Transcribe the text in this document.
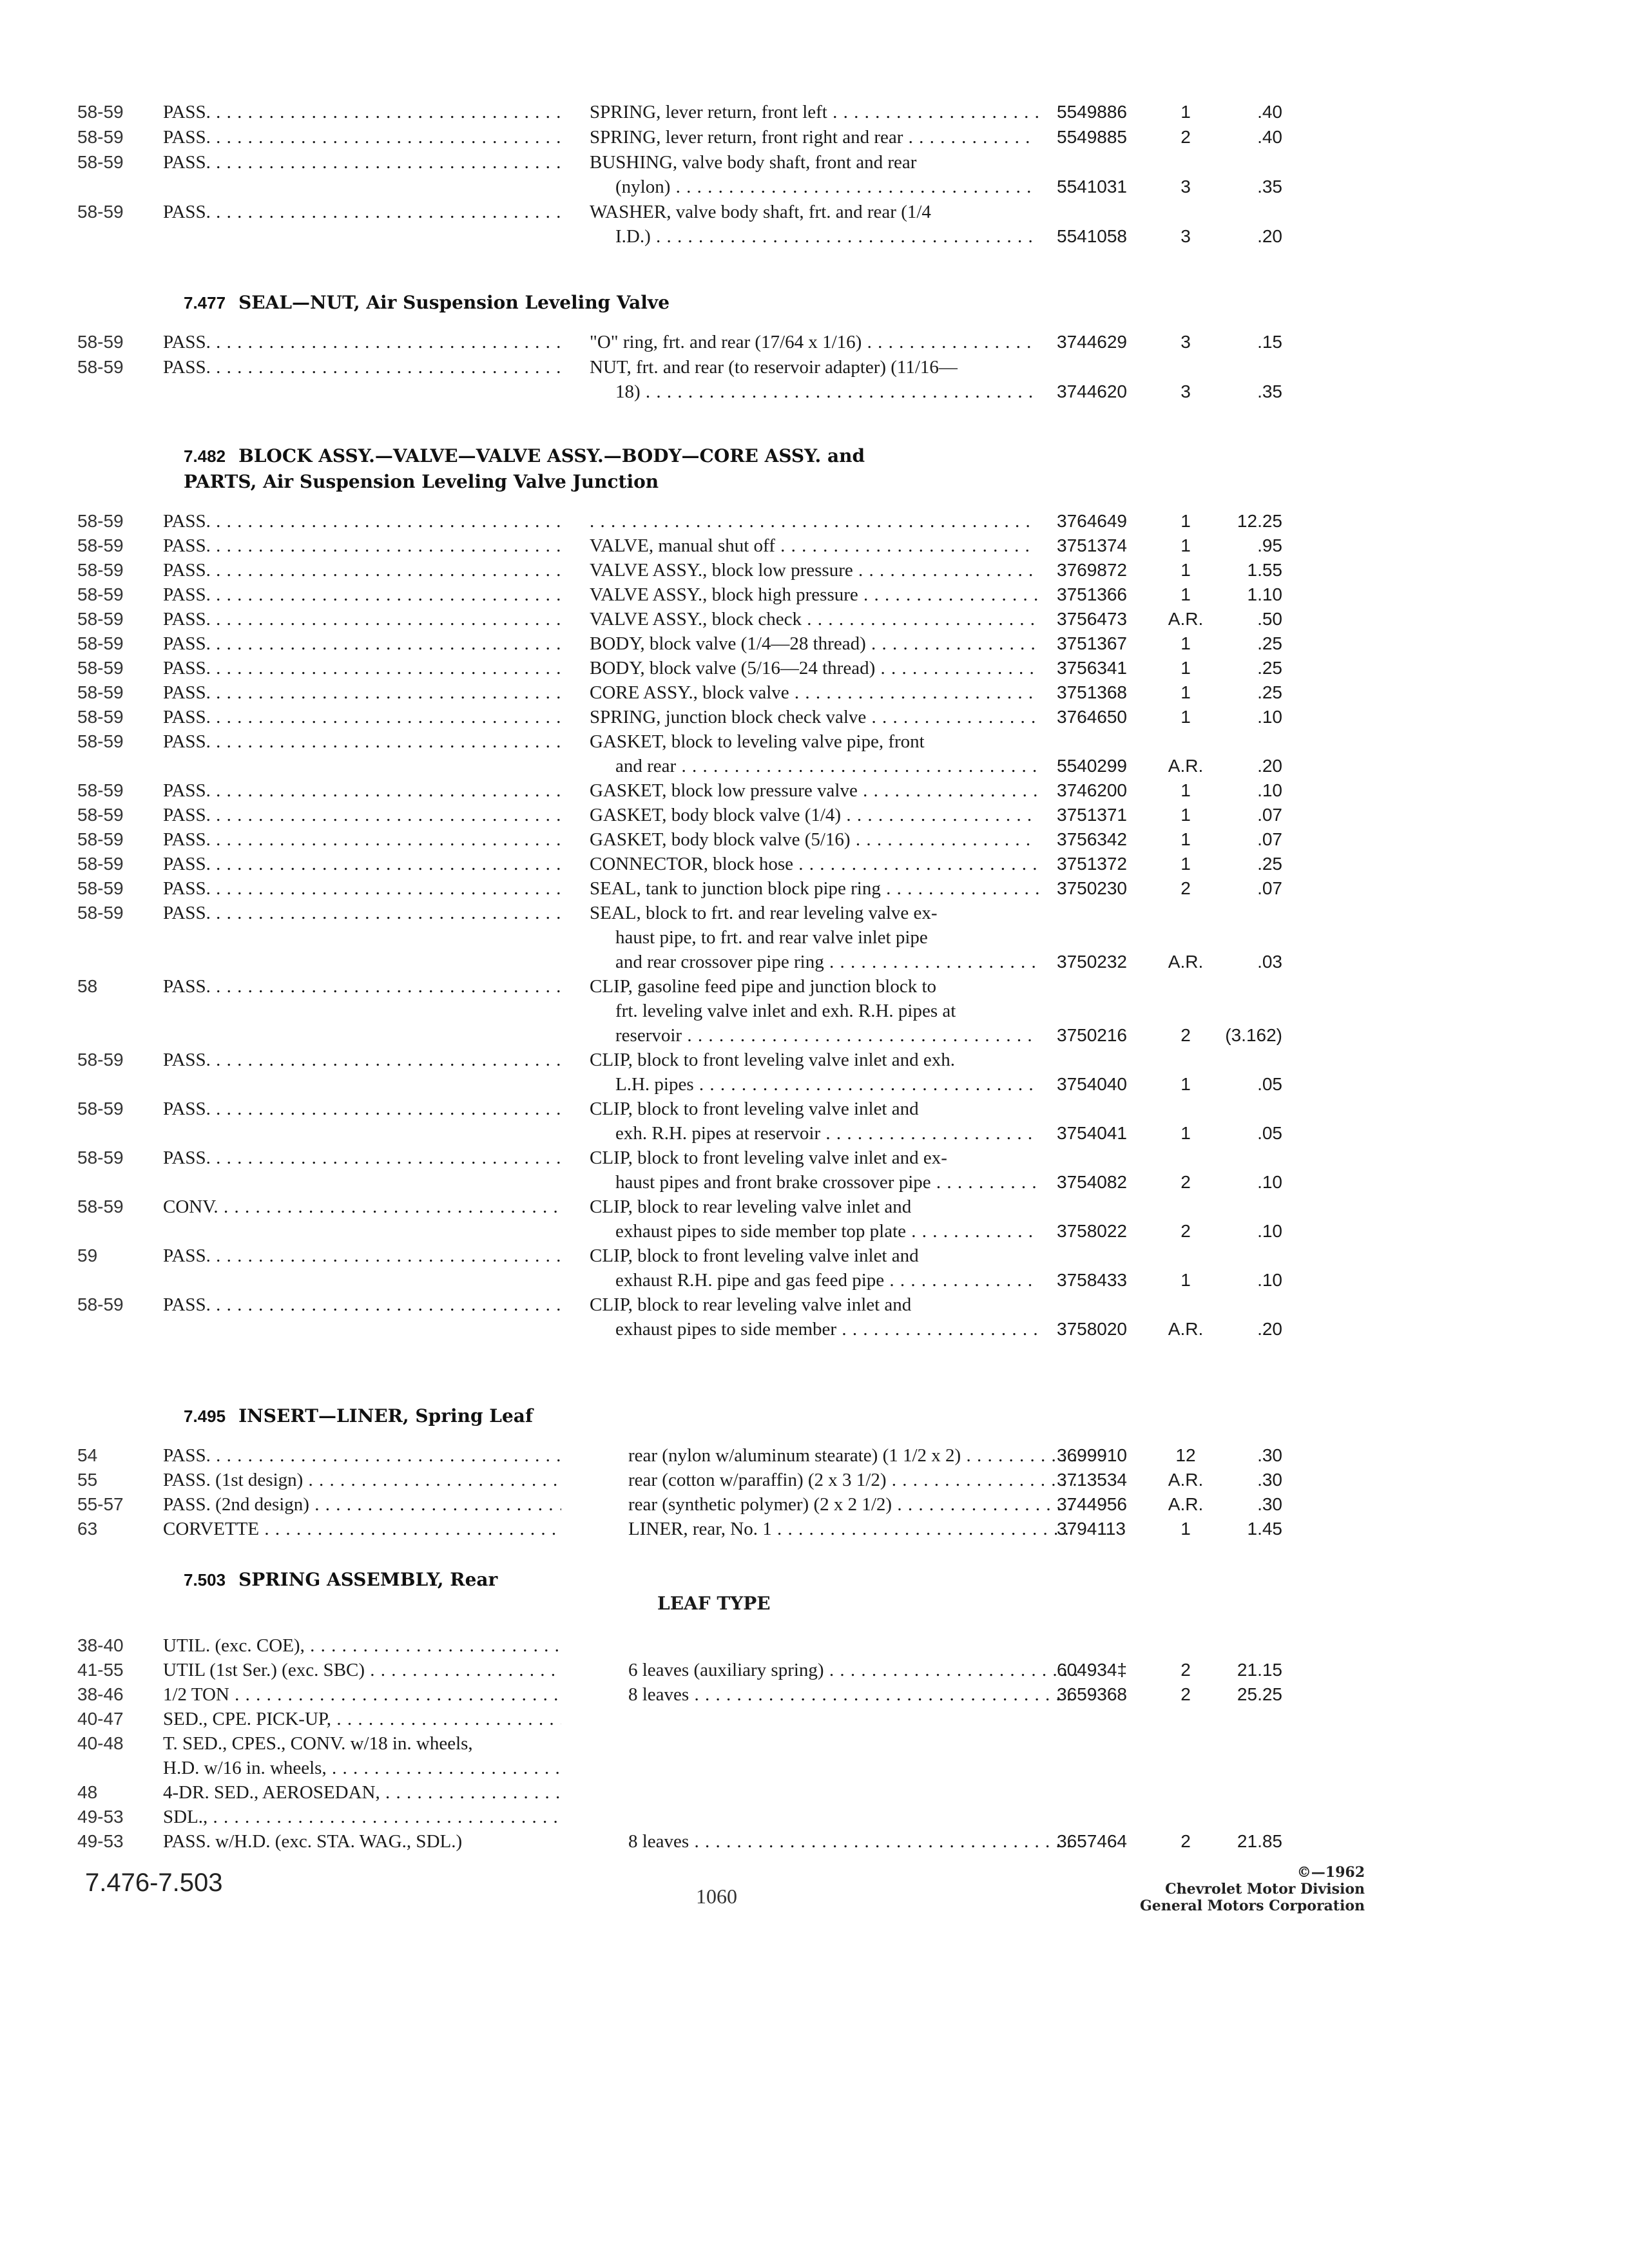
58-59 PASS. . . .	SPRING, lever return, front left . . .	5549886	1	.40
58-59 PASS. . . .	SPRING, lever return, front right and rear . . .	5549885	2	.40
58-59 PASS. . . .	BUSHING, valve body shaft, front and rear
(nylon) . . .	5541031	3	.35
58-59 PASS. . . .	WASHER, valve body shaft, frt. and rear (1/4
I.D.) . . .	5541058	3	.20
7.477 SEAL—NUT, Air Suspension Leveling Valve
58-59 PASS. . . .	"O" ring, frt. and rear (17/64 x 1/16) . . .	3744629	3	.15
58-59 PASS. . . .	NUT, frt. and rear (to reservoir adapter) (11/16—
18) . . .	3744620	3	.35
7.482 BLOCK ASSY.—VALVE—VALVE ASSY.—BODY—CORE ASSY. and
PARTS, Air Suspension Leveling Valve Junction
58-59 PASS. . . .
. . .	3764649	1	12.25
58-59 PASS. . . .	VALVE, manual shut off . . .	3751374	1	.95
58-59 PASS. . . .	VALVE ASSY., block low pressure . . .	3769872	1	1.55
58-59 PASS. . . .	VALVE ASSY., block high pressure . . .	3751366	1	1.10
58-59 PASS. . . .	VALVE ASSY., block check . . .	3756473	A.R.	.50
58-59 PASS. . . .	BODY, block valve (1/4—28 thread) . . .	3751367	1	.25
58-59 PASS. . . .	BODY, block valve (5/16—24 thread) . . .	3756341	1	.25
58-59 PASS. . . .	CORE ASSY., block valve . . .	3751368	1	.25
58-59 PASS. . . .	SPRING, junction block check valve . . .	3764650	1	.10
58-59 PASS. . . .	GASKET, block to leveling valve pipe, front
and rear . . .	5540299	A.R.	.20
58-59 PASS. . . .	GASKET, block low pressure valve . . .	3746200	1	.10
58-59 PASS. . . .	GASKET, body block valve (1/4) . . .	3751371	1	.07
58-59 PASS. . . .	GASKET, body block valve (5/16) . . .	3756342	1	.07
58-59 PASS. . . .	CONNECTOR, block hose . . .	3751372	1	.25
58-59 PASS. . . .	SEAL, tank to junction block pipe ring . . .	3750230	2	.07
58-59 PASS. . . .	SEAL, block to frt. and rear leveling valve ex-
haust pipe, to frt. and rear valve inlet pipe
and rear crossover pipe ring . . .	3750232	A.R.	.03
58	PASS. . . .	CLIP, gasoline feed pipe and junction block to
frt. leveling valve inlet and exh. R.H. pipes at
reservoir . . .	3750216	2	(3.162)
58-59 PASS. . . .	CLIP, block to front leveling valve inlet and exh.
L.H. pipes . . .	3754040	1	.05
58-59 PASS. . . .	CLIP, block to front leveling valve inlet and
exh. R.H. pipes at reservoir . . .	3754041	1	.05
58-59 PASS. . . .	CLIP, block to front leveling valve inlet and ex-
haust pipes and front brake crossover pipe . . .	3754082	2	.10
58-59 CONV. . . .	CLIP, block to rear leveling valve inlet and
exhaust pipes to side member top plate . . .	3758022	2	.10
59	PASS. . . .	CLIP, block to front leveling valve inlet and
exhaust R.H. pipe and gas feed pipe . . .	3758433	1	.10
58-59 PASS. . . .	CLIP, block to rear leveling valve inlet and
exhaust pipes to side member . . .	3758020	A.R.	.20
7.495 INSERT—LINER, Spring Leaf
54	PASS. . . .	rear (nylon w/aluminum stearate) (1 1/2 x 2) . . .	3699910	12	.30
55	PASS. (1st design) . . .	rear (cotton w/paraffin) (2 x 3 1/2) . . .	3713534	A.R.	.30
55-57 PASS. (2nd design) . . .	rear (synthetic polymer) (2 x 2 1/2) . . .	3744956	A.R.	.30
63	CORVETTE . . .	LINER, rear, No. 1 . . .	3794113	1	1.45
7.503 SPRING ASSEMBLY, Rear
LEAF TYPE
38-40 UTIL. (exc. COE), . . .
41-55 UTIL (1st Ser.) (exc. SBC) . . .	6 leaves (auxiliary spring) . . .	604934‡	2	21.15
38-46 1/2 TON . . .	8 leaves . . .	3659368	2	25.25
40-47 SED., CPE. PICK-UP, . . .
40-48 T. SED., CPES., CONV. w/18 in. wheels,
H.D. w/16 in. wheels, . . .
48	4-DR. SED., AEROSEDAN, . . .
49-53 SDL., . . .
49-53 PASS. w/H.D. (exc. STA. WAG., SDL.)	8 leaves . . .	3657464	2	21.85
7.476-7.503	1060
©—1962
Chevrolet Motor Division
General Motors Corporation
